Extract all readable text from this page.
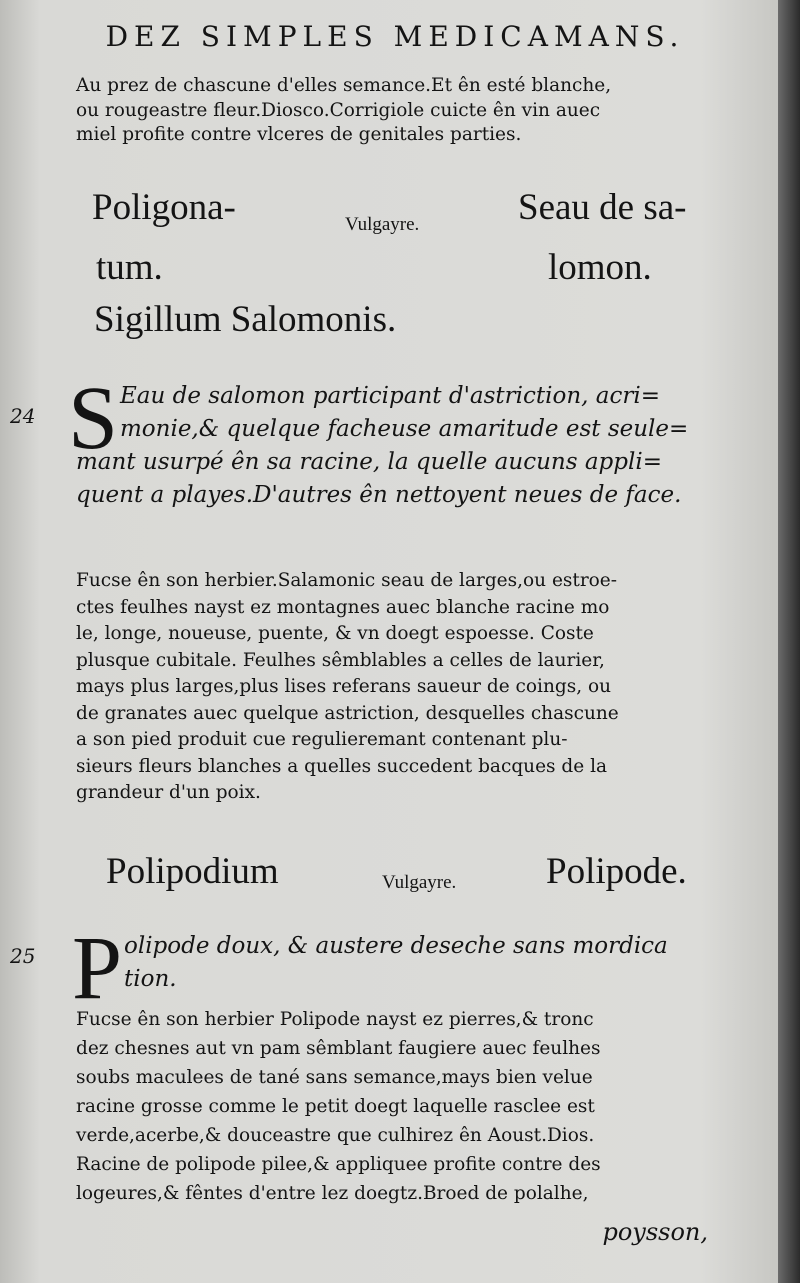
DEZ SIMPLES MEDICAMANS.
Au prez de chascune d'elles semance.Et ên esté blanche,
ou rougeastre fleur.Diosco.Corrigiole cuicte ên vin auec
miel profite contre vlceres de genitales parties.
Poligona-
tum.
Vulgayre.	Seau de sa-
lomon.
Sigillum Salomonis.
24 S Eau de salomon participant d'astriction, acri=
monie,& quelque facheuse amaritude est seule=
mant usurpé ên sa racine, la quelle aucuns appli=
quent a playes.D'autres ên nettoyent neues de face.
Fucse ên son herbier.Salamonic seau de larges,ou estroe-
ctes feulhes nayst ez montagnes auec blanche racine mo
le, longe, noueuse, puente, & vn doegt espoesse. Coste
plusque cubitale. Feulhes sêmblables a celles de laurier,
mays plus larges,plus lises referans saueur de coings, ou
de granates auec quelque astriction, desquelles chascune
a son pied produit cue regulieremant contenant plu-
sieurs fleurs blanches a quelles succedent bacques de la
grandeur d'un poix.
Polipodium	Vulgayre. Polipode.
25 P olipode doux, & austere deseche sans mordica
tion.
Fucse ên son herbier Polipode nayst ez pierres,& tronc
dez chesnes aut vn pam sêmblant faugiere auec feulhes
soubs maculees de tané sans semance,mays bien velue
racine grosse comme le petit doegt laquelle rasclee est
verde,acerbe,& douceastre que culhirez ên Aoust.Dios.
Racine de polipode pilee,& appliquee profite contre des
logeures,& fêntes d'entre lez doegtz.Broed de polalhe,
poysson,
